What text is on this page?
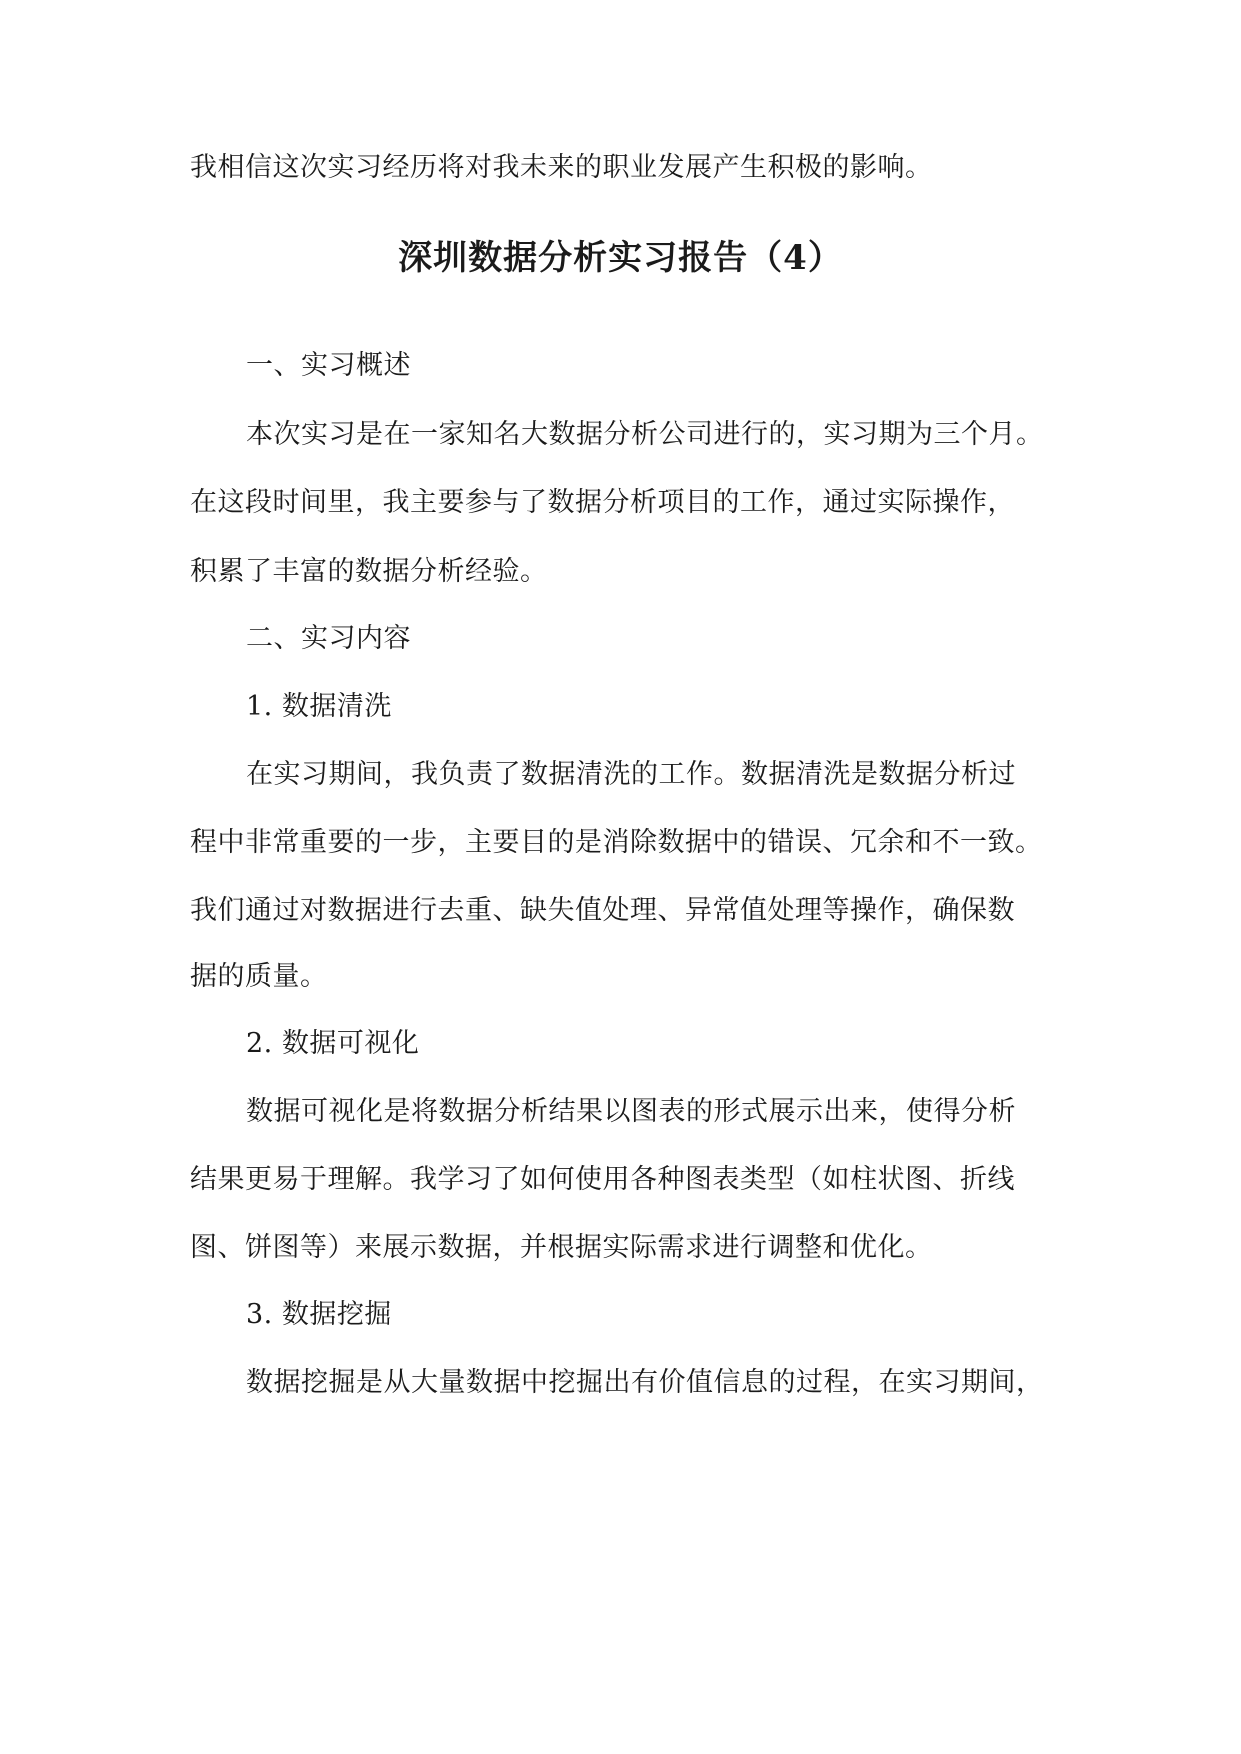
我相信这次实习经历将对我未来的职业发展产生积极的影响。

深圳数据分析实习报告（4）

一、实习概述

本次实习是在一家知名大数据分析公司进行的，实习期为三个月。

在这段时间里，我主要参与了数据分析项目的工作，通过实际操作，

积累了丰富的数据分析经验。

二、实习内容

1. 数据清洗

在实习期间，我负责了数据清洗的工作。数据清洗是数据分析过

程中非常重要的一步，主要目的是消除数据中的错误、冗余和不一致。

我们通过对数据进行去重、缺失值处理、异常值处理等操作，确保数

据的质量。

2. 数据可视化

数据可视化是将数据分析结果以图表的形式展示出来，使得分析

结果更易于理解。我学习了如何使用各种图表类型（如柱状图、折线

图、饼图等）来展示数据，并根据实际需求进行调整和优化。

3. 数据挖掘

数据挖掘是从大量数据中挖掘出有价值信息的过程，在实习期间，
